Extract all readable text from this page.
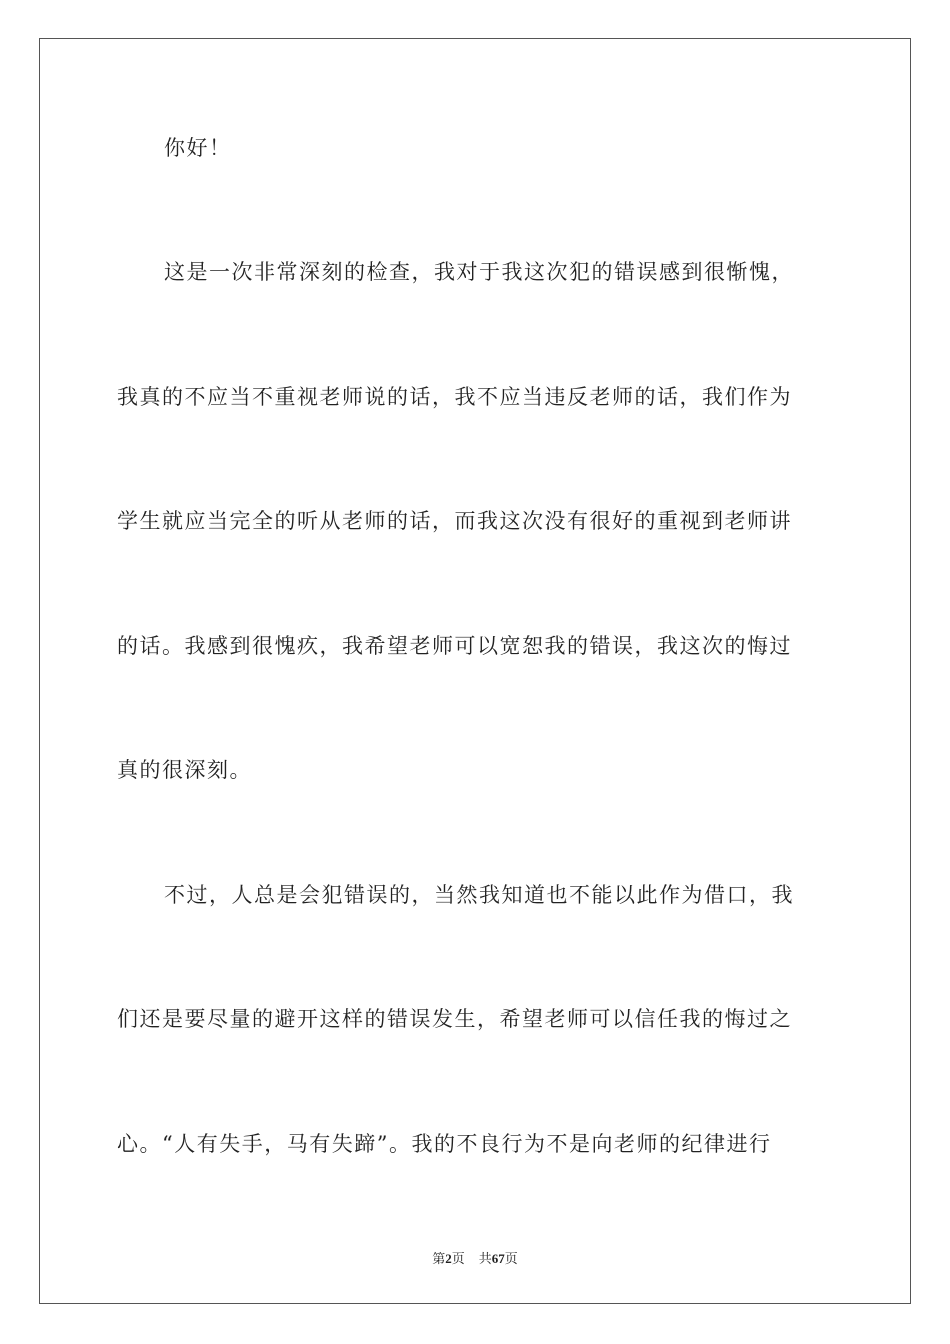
你好！

这是一次非常深刻的检查，我对于我这次犯的错误感到很惭愧，

我真的不应当不重视老师说的话，我不应当违反老师的话，我们作为

学生就应当完全的听从老师的话，而我这次没有很好的重视到老师讲

的话。我感到很愧疚，我希望老师可以宽恕我的错误，我这次的悔过

真的很深刻。

不过，人总是会犯错误的，当然我知道也不能以此作为借口，我

们还是要尽量的避开这样的错误发生，希望老师可以信任我的悔过之

心。“人有失手，马有失蹄”。我的不良行为不是向老师的纪律进行

第2页 共67页
